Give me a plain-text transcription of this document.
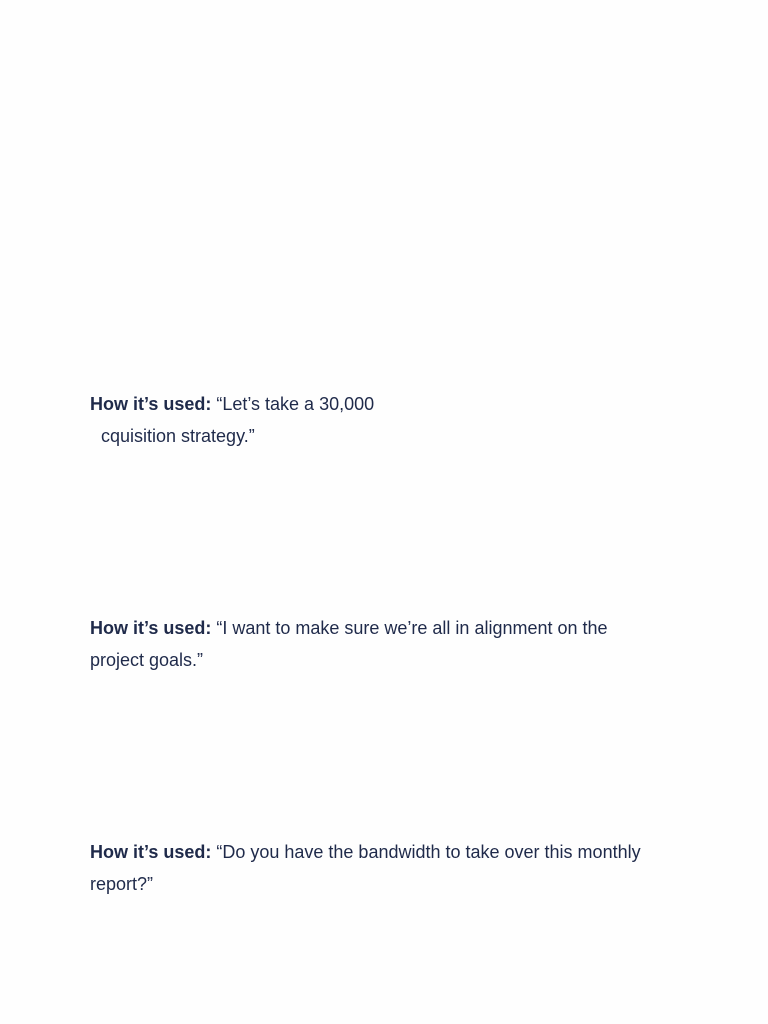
How it’s used: “Let’s take a 30,000
cquisition strategy.”
How it’s used: “I want to make sure we’re all in alignment on the
project goals.”
How it’s used: “Do you have the bandwidth to take over this monthly
report?”
